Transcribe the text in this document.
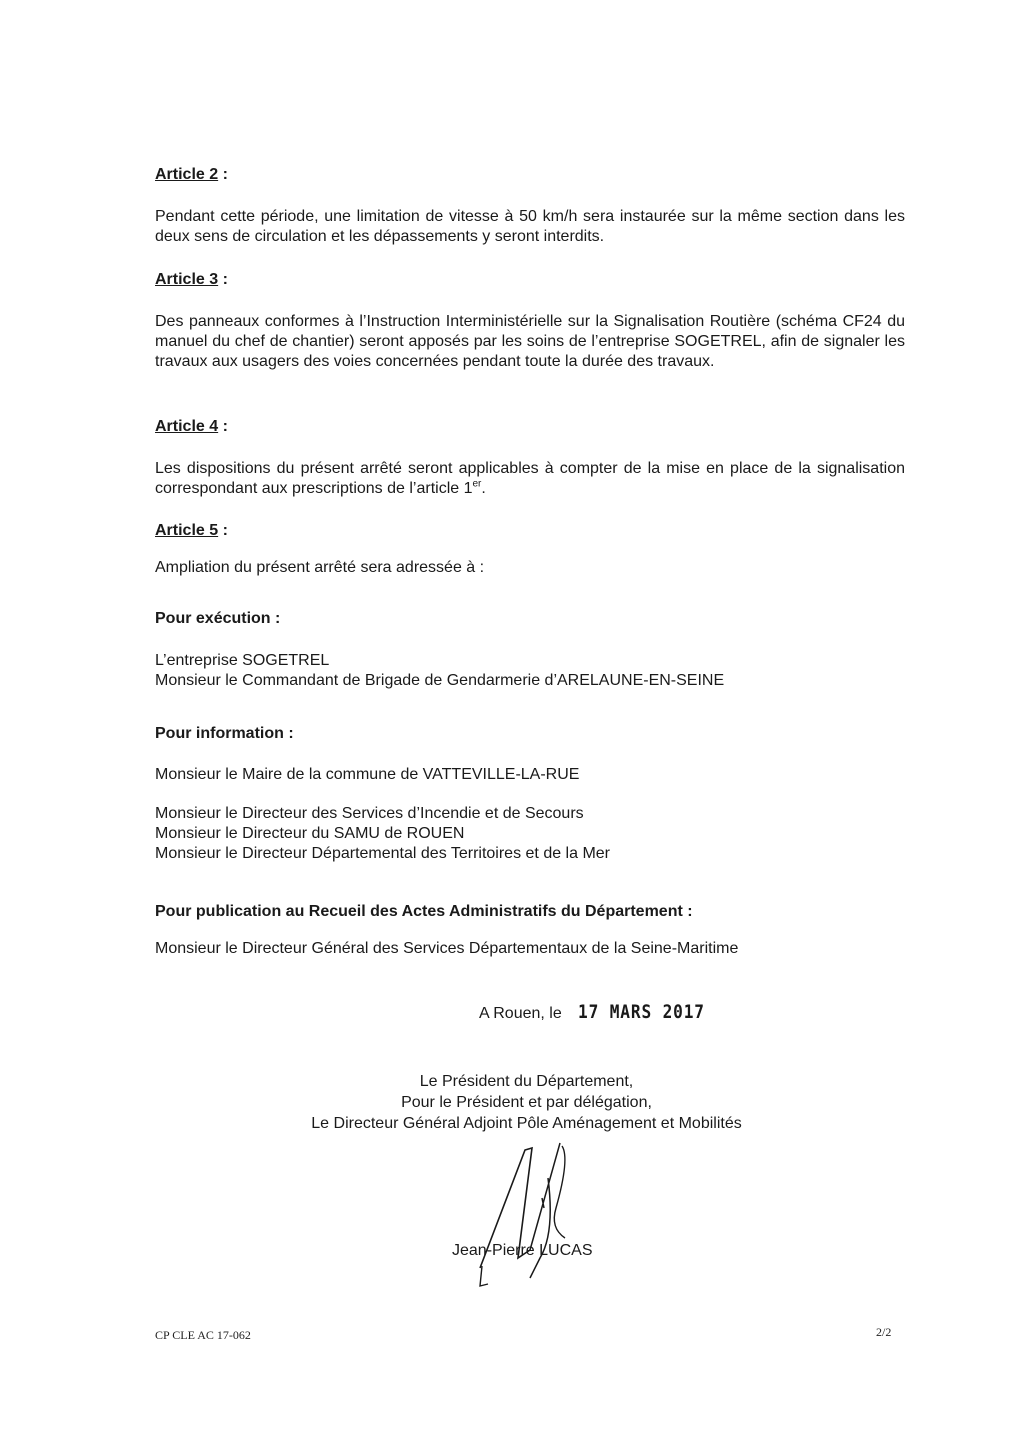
Article 2 :
Pendant cette période, une limitation de vitesse à 50 km/h sera instaurée sur la même section dans les deux sens de circulation et les dépassements y seront interdits.
Article 3 :
Des panneaux conformes à l’Instruction Interministérielle sur la Signalisation Routière (schéma CF24 du manuel du chef de chantier) seront apposés par les soins de l’entreprise SOGETREL, afin de signaler les travaux aux usagers des voies concernées pendant toute la durée des travaux.
Article 4 :
Les dispositions du présent arrêté seront applicables à compter de la mise en place de la signalisation correspondant aux prescriptions de l’article 1er.
Article 5 :
Ampliation du présent arrêté sera adressée à :
Pour exécution :
L’entreprise SOGETREL
Monsieur le Commandant de Brigade de Gendarmerie d’ARELAUNE-EN-SEINE
Pour information :
Monsieur le Maire de la commune de VATTEVILLE-LA-RUE
Monsieur le Directeur des Services d’Incendie et de Secours
Monsieur le Directeur du SAMU de ROUEN
Monsieur le Directeur Départemental des Territoires et de la Mer
Pour publication au Recueil des Actes Administratifs du Département :
Monsieur le Directeur Général des Services Départementaux de la Seine-Maritime
A Rouen, le 17 MARS 2017
Le Président du Département,
Pour le Président et par délégation,
Le Directeur Général Adjoint Pôle Aménagement et Mobilités
Jean-Pierre LUCAS
CP CLE AC 17-062	2/2
